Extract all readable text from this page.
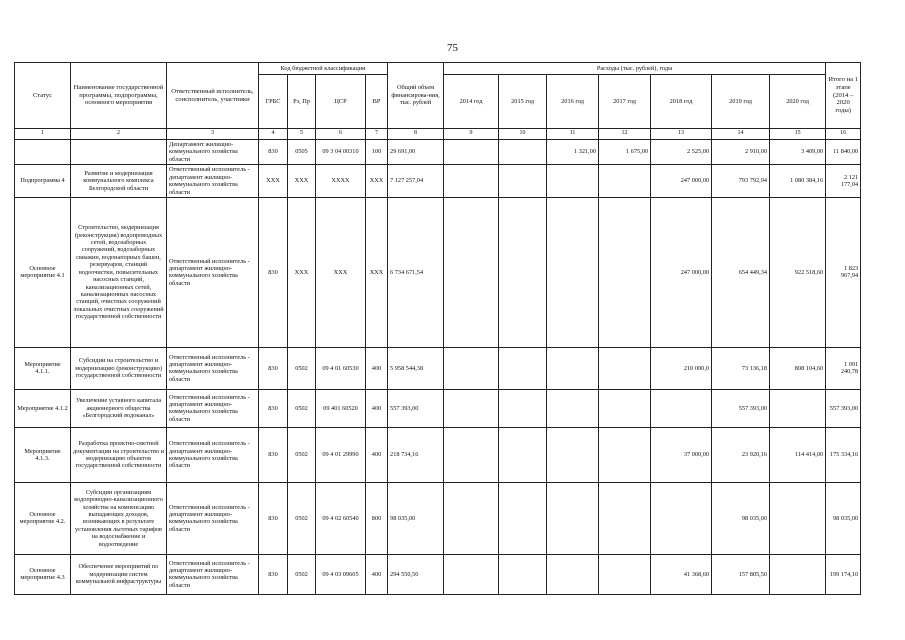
75
Статус	Наименование государственной программы, подпрограммы, основного мероприятия	Ответственный исполнитель, соисполнитель, участники	Код бюджетной классификации				Общий объем финансирова-ния, тыс. рублей	Расходы (тыс. рублей), годы							Итого на 1 этапе (2014 – 2020 годы)
			ГРБС	Рз, Пр	ЦСР	ВР		2014 год	2015 год	2016 год	2017 год	2018 год	2019 год	2020 год	
1	2	3	4	5	6	7	8	9	10	11	12	13	14	15	16
		Департамент жилищно-коммунального хозяйства области	830	0505	09 3 04 00310	100	29 691,00			1 321,00	1 675,00	2 525,00	2 910,00	3 409,00	11 840,00
Подпрограмма 4	Развитие и модернизация коммунального комплекса Белгородской области	Ответственный исполнитель - департамент жилищно-коммунального хозяйства области	ХХХ	ХХХ	ХХХХ	ХХХ	7 127 257,04					247 000,00	793 792,94	1 080 384,16	2 121 177,04
Основное мероприятие 4.1	Строительство, модернизация (реконструкция) водопроводных сетей, водозаборных сооружений, водозаборных скважин, водонапорных башен, резервуаров, станций водоочистки, повысительных насосных станций, канализационных сетей, канализационных насосных станций, очистных сооружений локальных очистных сооружений государственной собственности	Ответственный исполнитель - департамент жилищно-коммунального хозяйства области	830	ХХХ	ХХХ	ХХХ	6 734 671,54					247 000,00	654 449,34	922 518,60	1 823 967,94
Мероприятие 4.1.1.	Субсидии на строительство и модернизацию (реконструкцию) государственной собственности	Ответственный исполнитель - департамент жилищно-коммунального хозяйства области	830	0502	09 4 01 60530	400	5 958 544,38					210 000,0	73 136,18	808 104,60	1 091 240,78
Мероприятие 4.1.2	Увеличение уставного капитала акционерного общества «Белгородский водоканал»	Ответственный исполнитель - департамент жилищно-коммунального хозяйства области	830	0502	09 401 60520	400	557 393,00						557 393,00		557 393,00
Мероприятие 4.1.3.	Разработка проектно-сметной документации на строительство и модернизацию объектов государственной собственности	Ответственный исполнитель - департамент жилищно-коммунального хозяйства области	830	0502	09 4 01 29990	400	218 734,16					37 000,00	23 920,16	114 414,00	175 334,16
Основное мероприятие 4.2.	Субсидии организациям водопроводно-канализационного хозяйства на компенсацию выпадающих доходов, возникающих в результате установления льготных тарифов на водоснабжение и водоотведение	Ответственный исполнитель - департамент жилищно-коммунального хозяйства области	830	0502	09 4 02 60540	800	98 035,00						98 035,00		98 035,00
Основное мероприятие 4.3	Обеспечение мероприятий по модернизации систем коммунальной инфраструктуры	Ответственный исполнитель - департамент жилищно-коммунального хозяйства области	830	0502	09 4 03 09605	400	294 550,50					41 368,60	157 805,50		199 174,10
